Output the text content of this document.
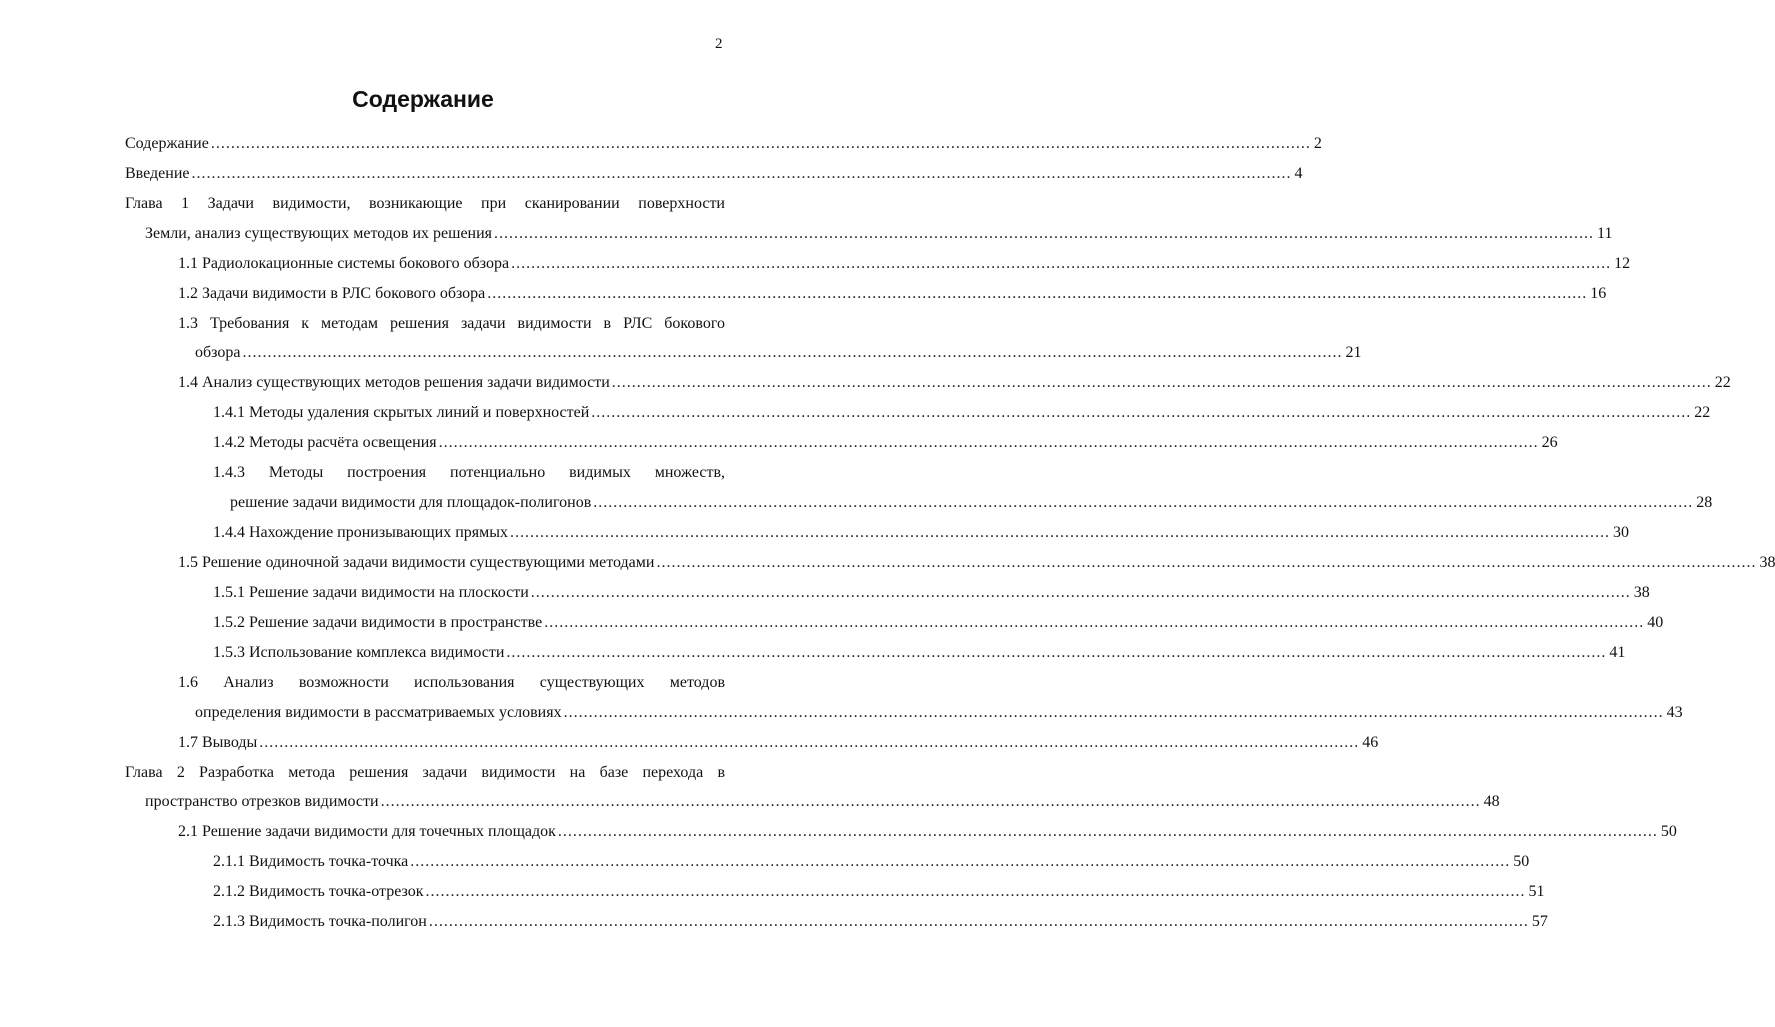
2
Содержание
Содержание ............................................................................................................................................................................................................................ 2
Введение ............................................................................................................................................................................................................................ 4
Глава 1 Задачи видимости, возникающие при сканировании поверхности
Земли, анализ существующих методов их решения ............................................................................................................................................................................................................................ 11
1.1 Радиолокационные системы бокового обзора ............................................................................................................................................................................................................................ 12
1.2 Задачи видимости в РЛС бокового обзора ............................................................................................................................................................................................................................ 16
1.3 Требования к методам решения задачи видимости в РЛС бокового
обзора ............................................................................................................................................................................................................................ 21
1.4 Анализ существующих методов решения задачи видимости ............................................................................................................................................................................................................................ 22
1.4.1 Методы удаления скрытых линий и поверхностей ............................................................................................................................................................................................................................ 22
1.4.2 Методы расчёта освещения ............................................................................................................................................................................................................................ 26
1.4.3 Методы построения потенциально видимых множеств,
решение задачи видимости для площадок-полигонов ............................................................................................................................................................................................................................ 28
1.4.4 Нахождение пронизывающих прямых ............................................................................................................................................................................................................................ 30
1.5 Решение одиночной задачи видимости существующими методами ............................................................................................................................................................................................................................ 38
1.5.1 Решение задачи видимости на плоскости ............................................................................................................................................................................................................................ 38
1.5.2 Решение задачи видимости в пространстве ............................................................................................................................................................................................................................ 40
1.5.3 Использование комплекса видимости ............................................................................................................................................................................................................................ 41
1.6 Анализ возможности использования существующих методов
определения видимости в рассматриваемых условиях ............................................................................................................................................................................................................................ 43
1.7 Выводы ............................................................................................................................................................................................................................ 46
Глава 2 Разработка метода решения задачи видимости на базе перехода в
пространство отрезков видимости ............................................................................................................................................................................................................................ 48
2.1 Решение задачи видимости для точечных площадок ............................................................................................................................................................................................................................ 50
2.1.1 Видимость точка-точка ............................................................................................................................................................................................................................ 50
2.1.2 Видимость точка-отрезок ............................................................................................................................................................................................................................ 51
2.1.3 Видимость точка-полигон ............................................................................................................................................................................................................................ 57
